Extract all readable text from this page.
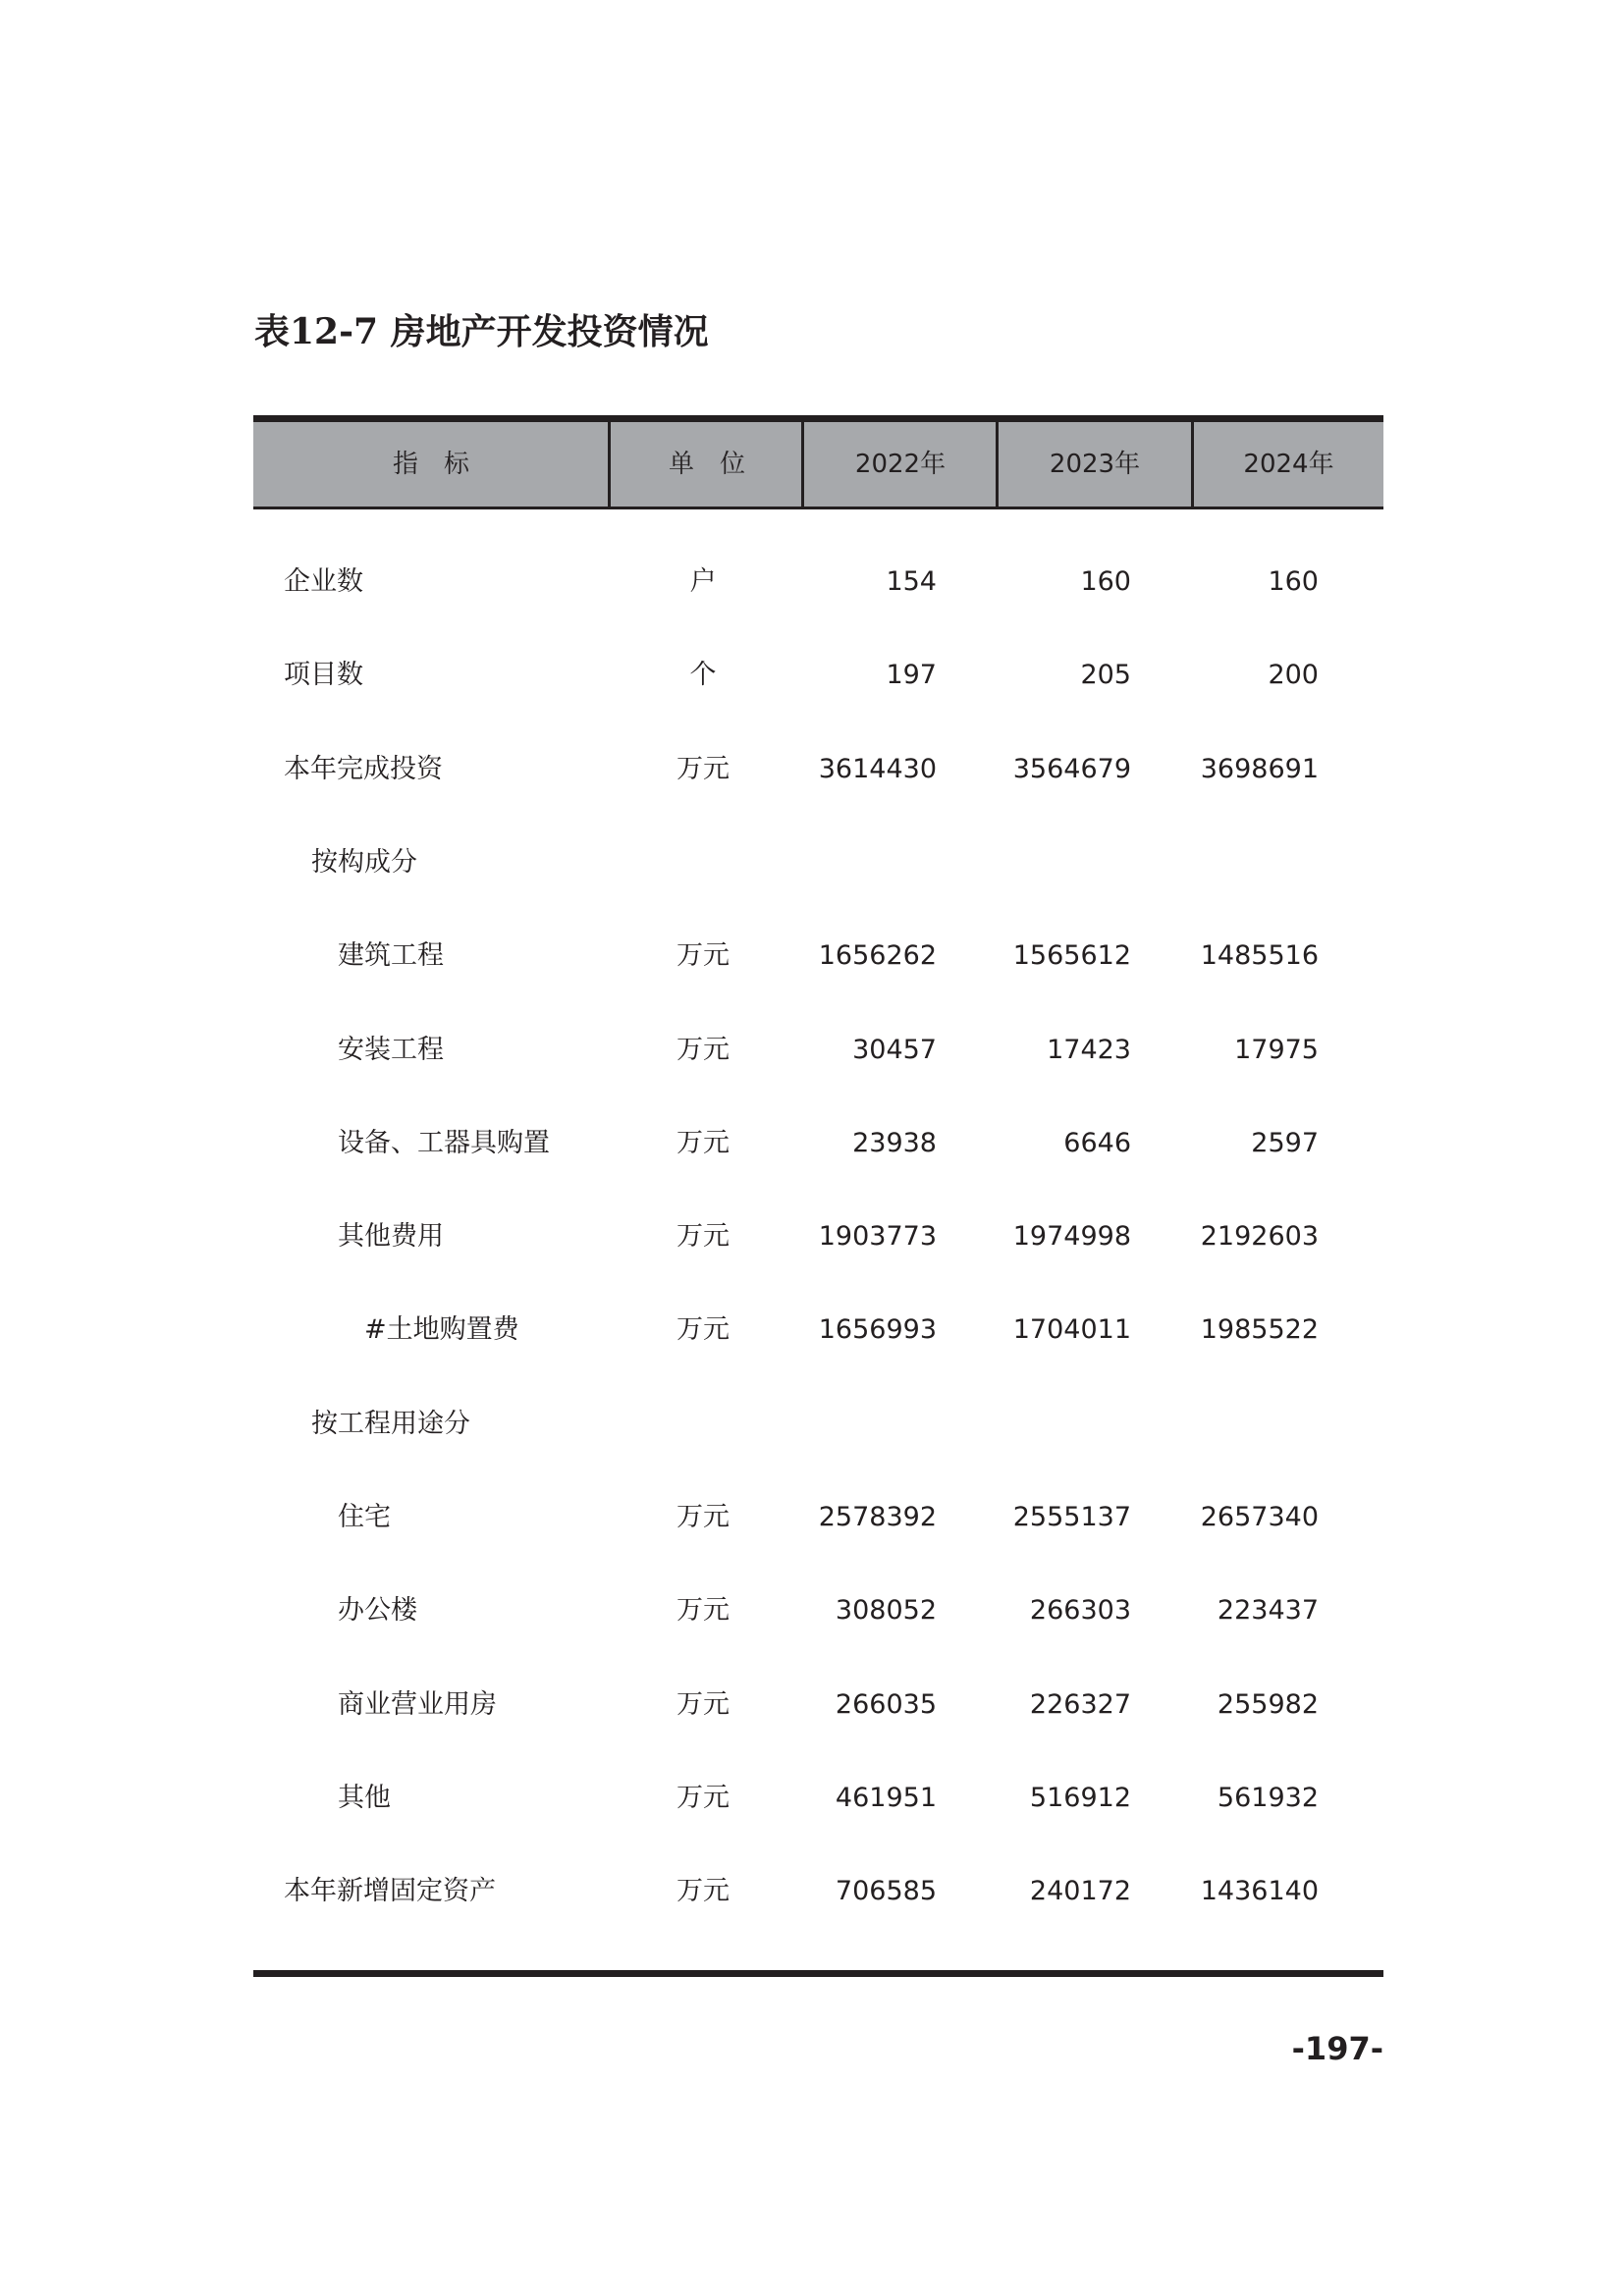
表12-7 房地产开发投资情况
指　标	单　位	2022年	2023年	2024年
企业数	户	154	160	160
项目数	个	197	205	200
本年完成投资	万元	3614430	3564679	3698691
按构成分
建筑工程	万元	1656262	1565612	1485516
安装工程	万元	30457	17423	17975
设备、工器具购置	万元	23938	6646	2597
其他费用	万元	1903773	1974998	2192603
#土地购置费	万元	1656993	1704011	1985522
按工程用途分
住宅	万元	2578392	2555137	2657340
办公楼	万元	308052	266303	223437
商业营业用房	万元	266035	226327	255982
其他	万元	461951	516912	561932
本年新增固定资产	万元	706585	240172	1436140
-197-
